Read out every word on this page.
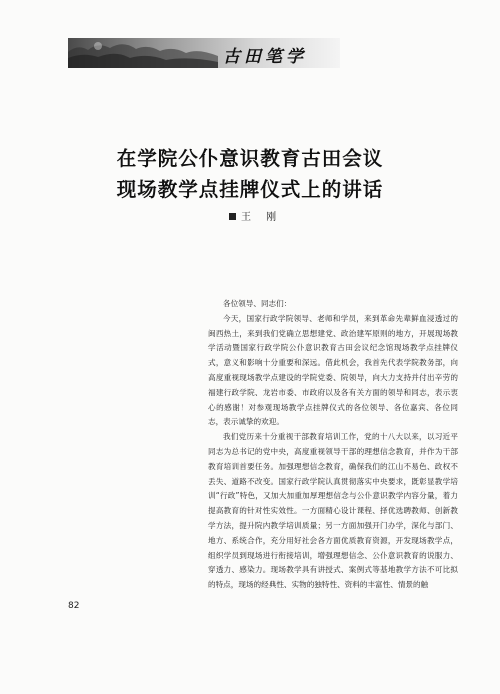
古田笔学
在学院公仆意识教育古田会议
现场教学点挂牌仪式上的讲话
王 刚

各位领导、同志们：

今天，国家行政学院领导、老师和学员，来到革命先辈鲜血浸透过的闽西热土，来到我们党确立思想建党、政治建军原则的地方，开展现场教学活动暨国家行政学院公仆意识教育古田会议纪念馆现场教学点挂牌仪式，意义和影响十分重要和深远。借此机会，我首先代表学院教务部，向高度重视现场教学点建设的学院党委、院领导，向大力支持并付出辛劳的福建行政学院、龙岩市委、市政府以及各有关方面的领导和同志，表示衷心的感谢！对参观现场教学点挂牌仪式的各位领导、各位嘉宾、各位同志，表示诚挚的欢迎。

我们党历来十分重视干部教育培训工作，党的十八大以来，以习近平同志为总书记的党中央，高度重视领导干部的理想信念教育，并作为干部教育培训首要任务。加强理想信念教育，确保我们的江山不易色、政权不丢失、道路不改变。国家行政学院认真贯彻落实中央要求，既彰显教学培训“行政”特色，又加大加重加厚理想信念与公仆意识教学内容分量，着力提高教育的针对性实效性。一方面精心设计课程、择优选聘教师、创新教学方法，提升院内教学培训质量；另一方面加强开门办学，深化与部门、地方、系统合作，充分用好社会各方面优质教育资源，开发现场教学点，组织学员到现场进行衔接培训，增强理想信念、公仆意识教育的说服力、穿透力、感染力。现场教学具有讲授式、案例式等基地教学方法不可比拟的特点，现场的经典性、实物的独特性、资料的丰富性、情景的触

82
